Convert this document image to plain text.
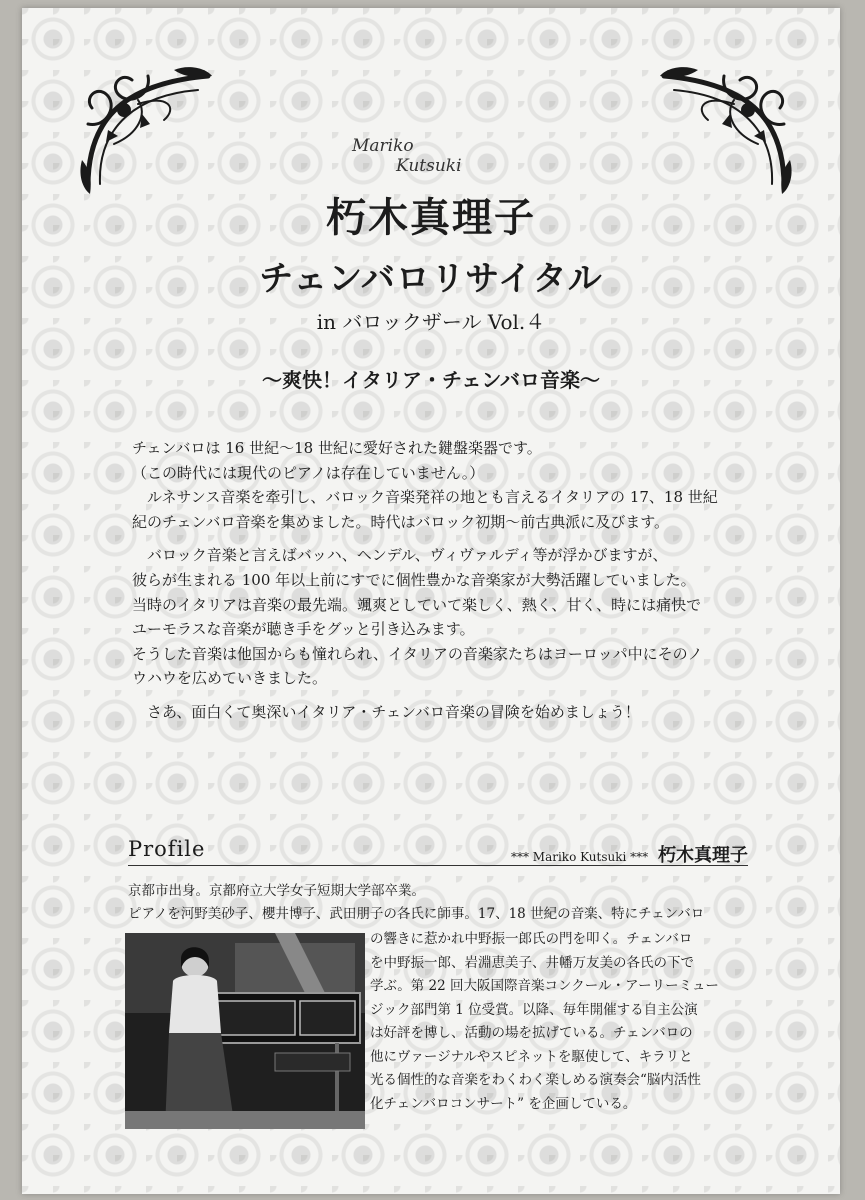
Mariko
Kutsuki
朽木真理子
チェンバロリサイタル
in バロックザール Vol.４
〜爽快！イタリア・チェンバロ音楽〜

チェンバロは 16 世紀〜18 世紀に愛好された鍵盤楽器です。

（この時代には現代のピアノは存在していません。）

　ルネサンス音楽を牽引し、バロック音楽発祥の地とも言えるイタリアの 17、18 世紀

紀のチェンバロ音楽を集めました。時代はバロック初期〜前古典派に及びます。

　バロック音楽と言えばバッハ、ヘンデル、ヴィヴァルディ等が浮かびますが、

彼らが生まれる 100 年以上前にすでに個性豊かな音楽家が大勢活躍していました。

当時のイタリアは音楽の最先端。颯爽としていて楽しく、熱く、甘く、時には痛快で

ユーモラスな音楽が聴き手をグッと引き込みます。

そうした音楽は他国からも憧れられ、イタリアの音楽家たちはヨーロッパ中にそのノ

ウハウを広めていきました。

　さあ、面白くて奥深いイタリア・チェンバロ音楽の冒険を始めましょう！

Profile	*** Mariko Kutsuki *** 朽木真理子

京都市出身。京都府立大学女子短期大学部卒業。

ピアノを河野美砂子、櫻井博子、武田朋子の各氏に師事。17、18 世紀の音楽、特にチェンバロ

の響きに惹かれ中野振一郎氏の門を叩く。チェンバロ

を中野振一郎、岩淵恵美子、井幡万友美の各氏の下で

学ぶ。第 22 回大阪国際音楽コンクール・アーリーミュー

ジック部門第 1 位受賞。以降、毎年開催する自主公演

は好評を博し、活動の場を拡げている。チェンバロの

他にヴァージナルやスピネットを駆使して、キラリと

光る個性的な音楽をわくわく楽しめる演奏会“脳内活性

化チェンバロコンサート” を企画している。
